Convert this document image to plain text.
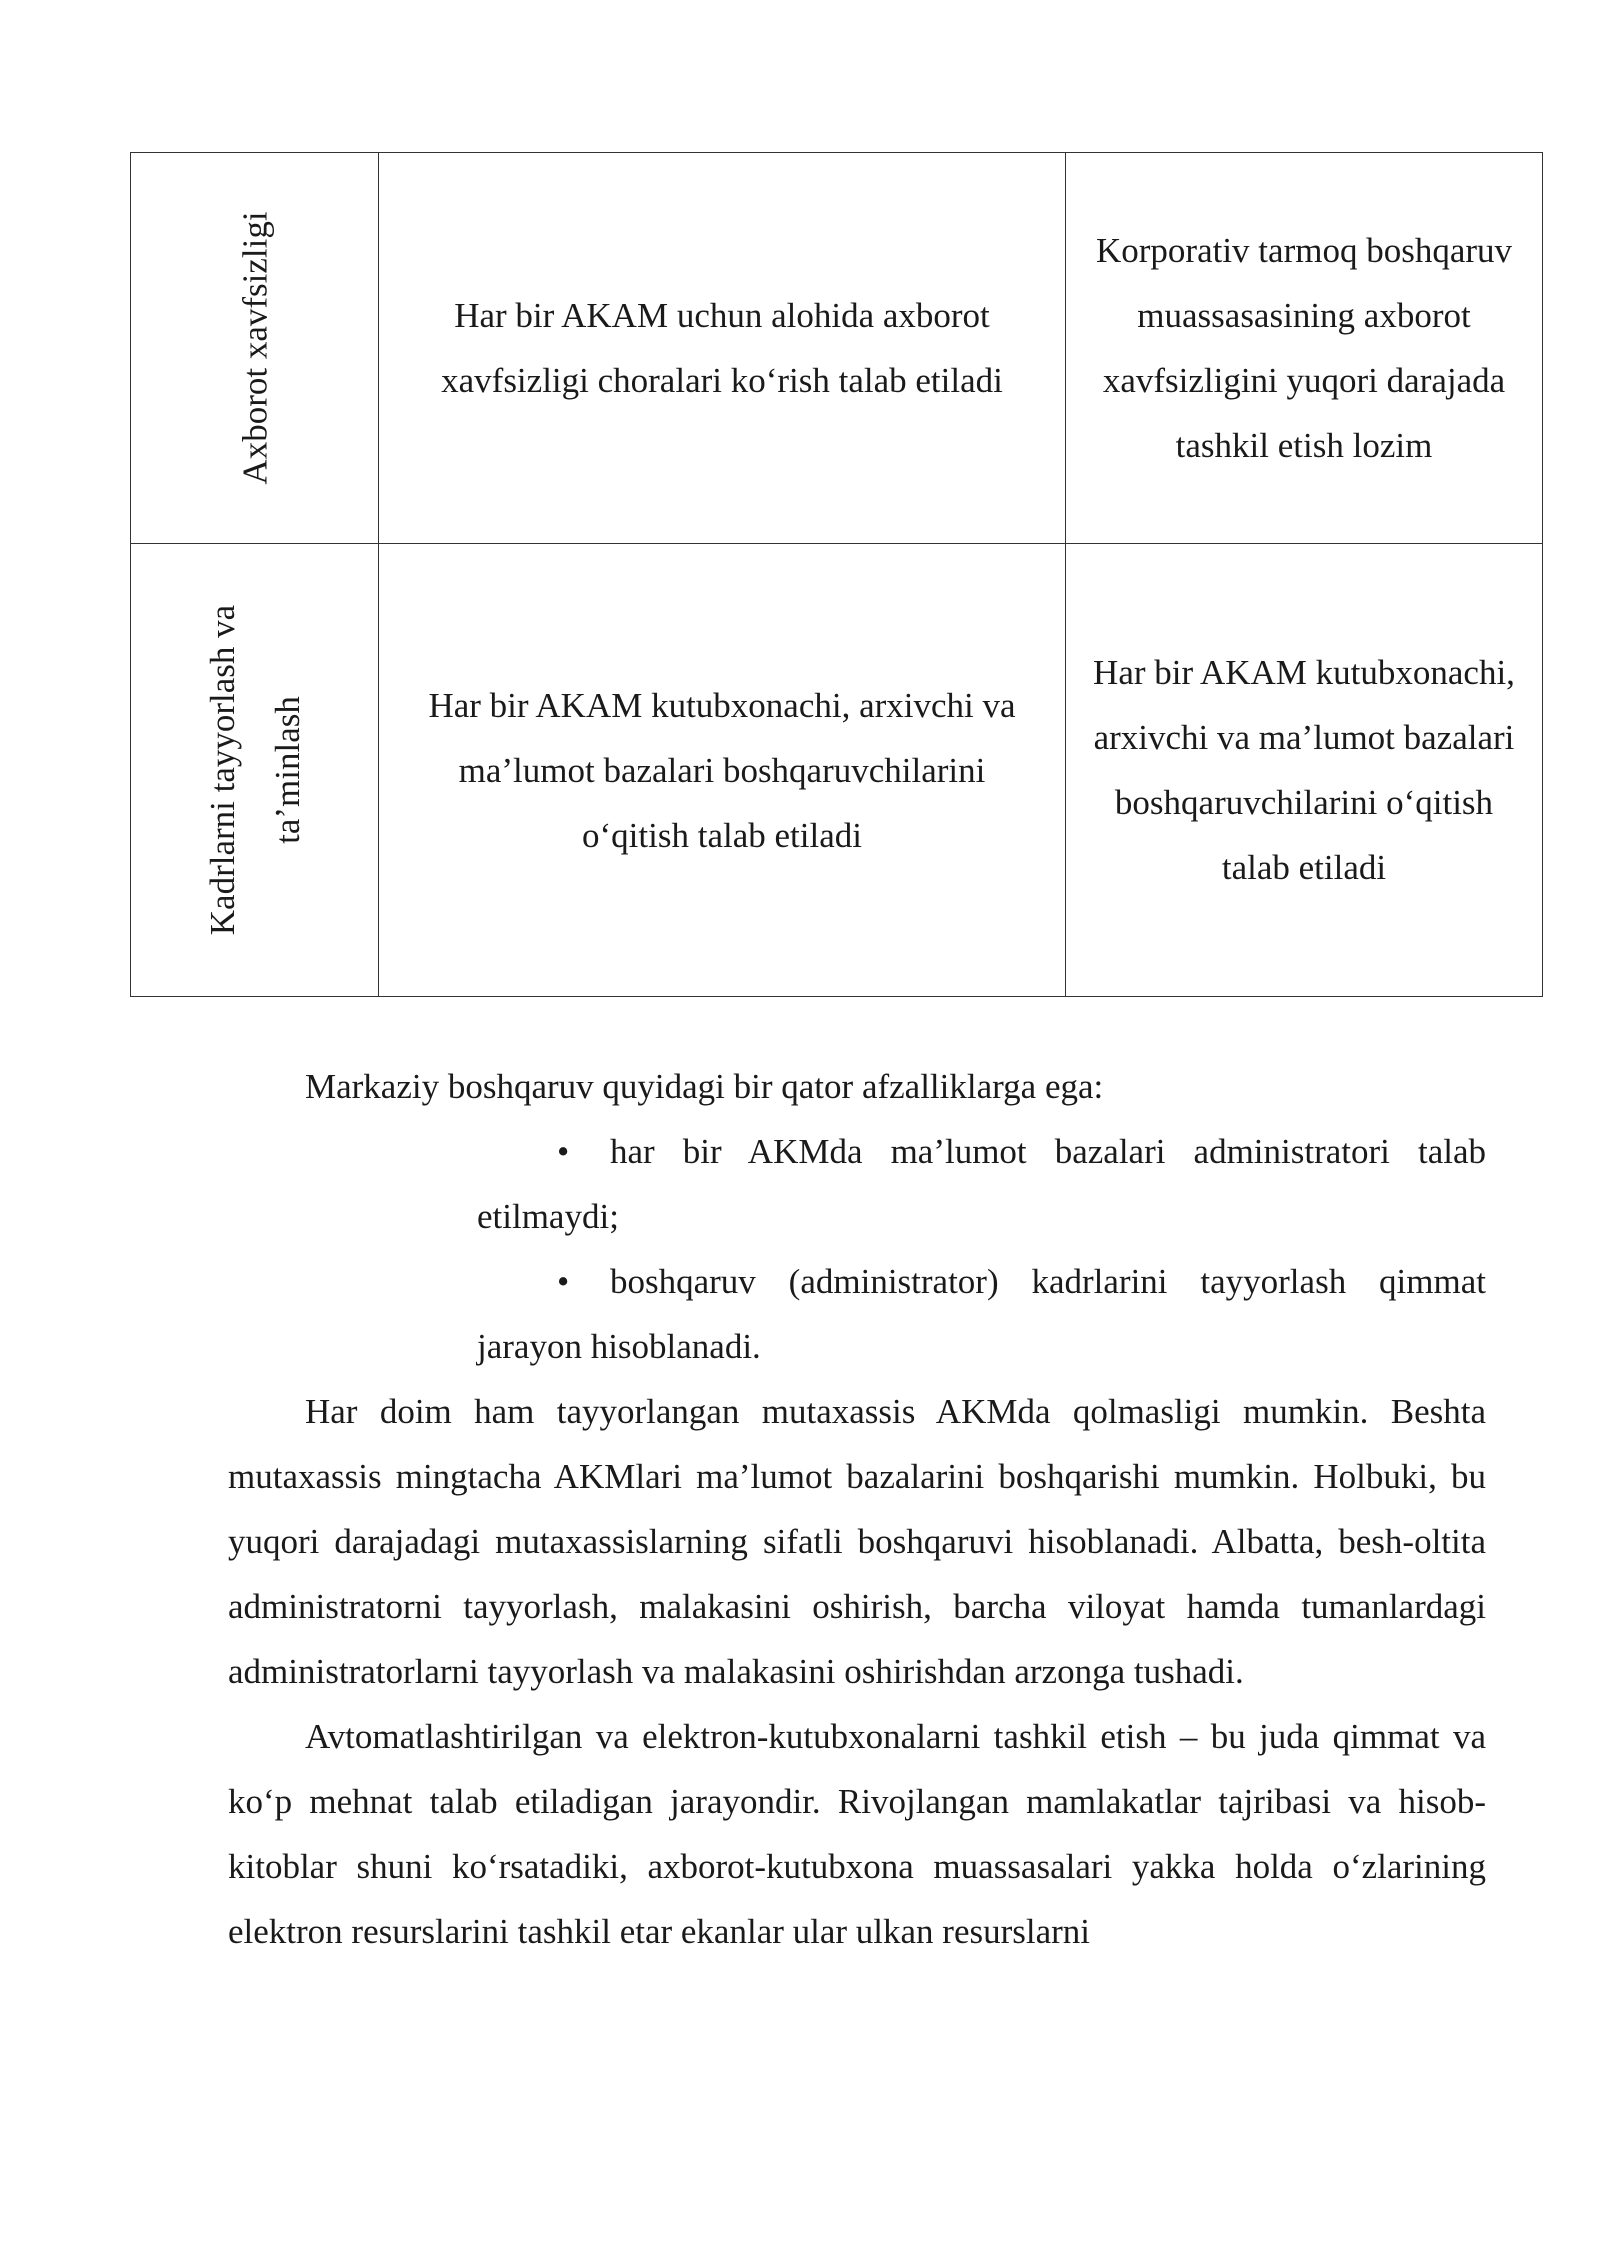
Axborot xavfsizligi	Har bir AKAM uchun alohida axborot xavfsizligi choralari ko‘rish talab etiladi	Korporativ tarmoq boshqaruv muassasasining axborot xavfsizligini yuqori darajada tashkil etish lozim

Kadrlarni tayyorlash va ta’minlash	Har bir AKAM kutubxonachi, arxivchi va ma’lumot bazalari boshqaruvchilarini o‘qitish talab etiladi	Har bir AKAM kutubxonachi, arxivchi va ma’lumot bazalari boshqaruvchilarini o‘qitish talab etiladi

Markaziy boshqaruv quyidagi bir qator afzalliklarga ega:

• har bir AKMda ma’lumot bazalari administratori talab etilmaydi;
• boshqaruv (administrator) kadrlarini tayyorlash qimmat jarayon hisoblanadi.

Har doim ham tayyorlangan mutaxassis AKMda qolmasligi mumkin. Beshta mutaxassis mingtacha AKMlari ma’lumot bazalarini boshqarishi mumkin. Holbuki, bu yuqori darajadagi mutaxassislarning sifatli boshqaruvi hisoblanadi. Albatta, besh-oltita administratorni tayyorlash, malakasini oshirish, barcha viloyat hamda tumanlardagi administratorlarni tayyorlash va malakasini oshirishdan arzonga tushadi.

Avtomatlashtirilgan va elektron-kutubxonalarni tashkil etish – bu juda qimmat va ko‘p mehnat talab etiladigan jarayondir. Rivojlangan mamlakatlar tajribasi va hisob-kitoblar shuni ko‘rsatadiki, axborot-kutubxona muassasalari yakka holda o‘zlarining elektron resurslarini tashkil etar ekanlar ular ulkan resurslarni
